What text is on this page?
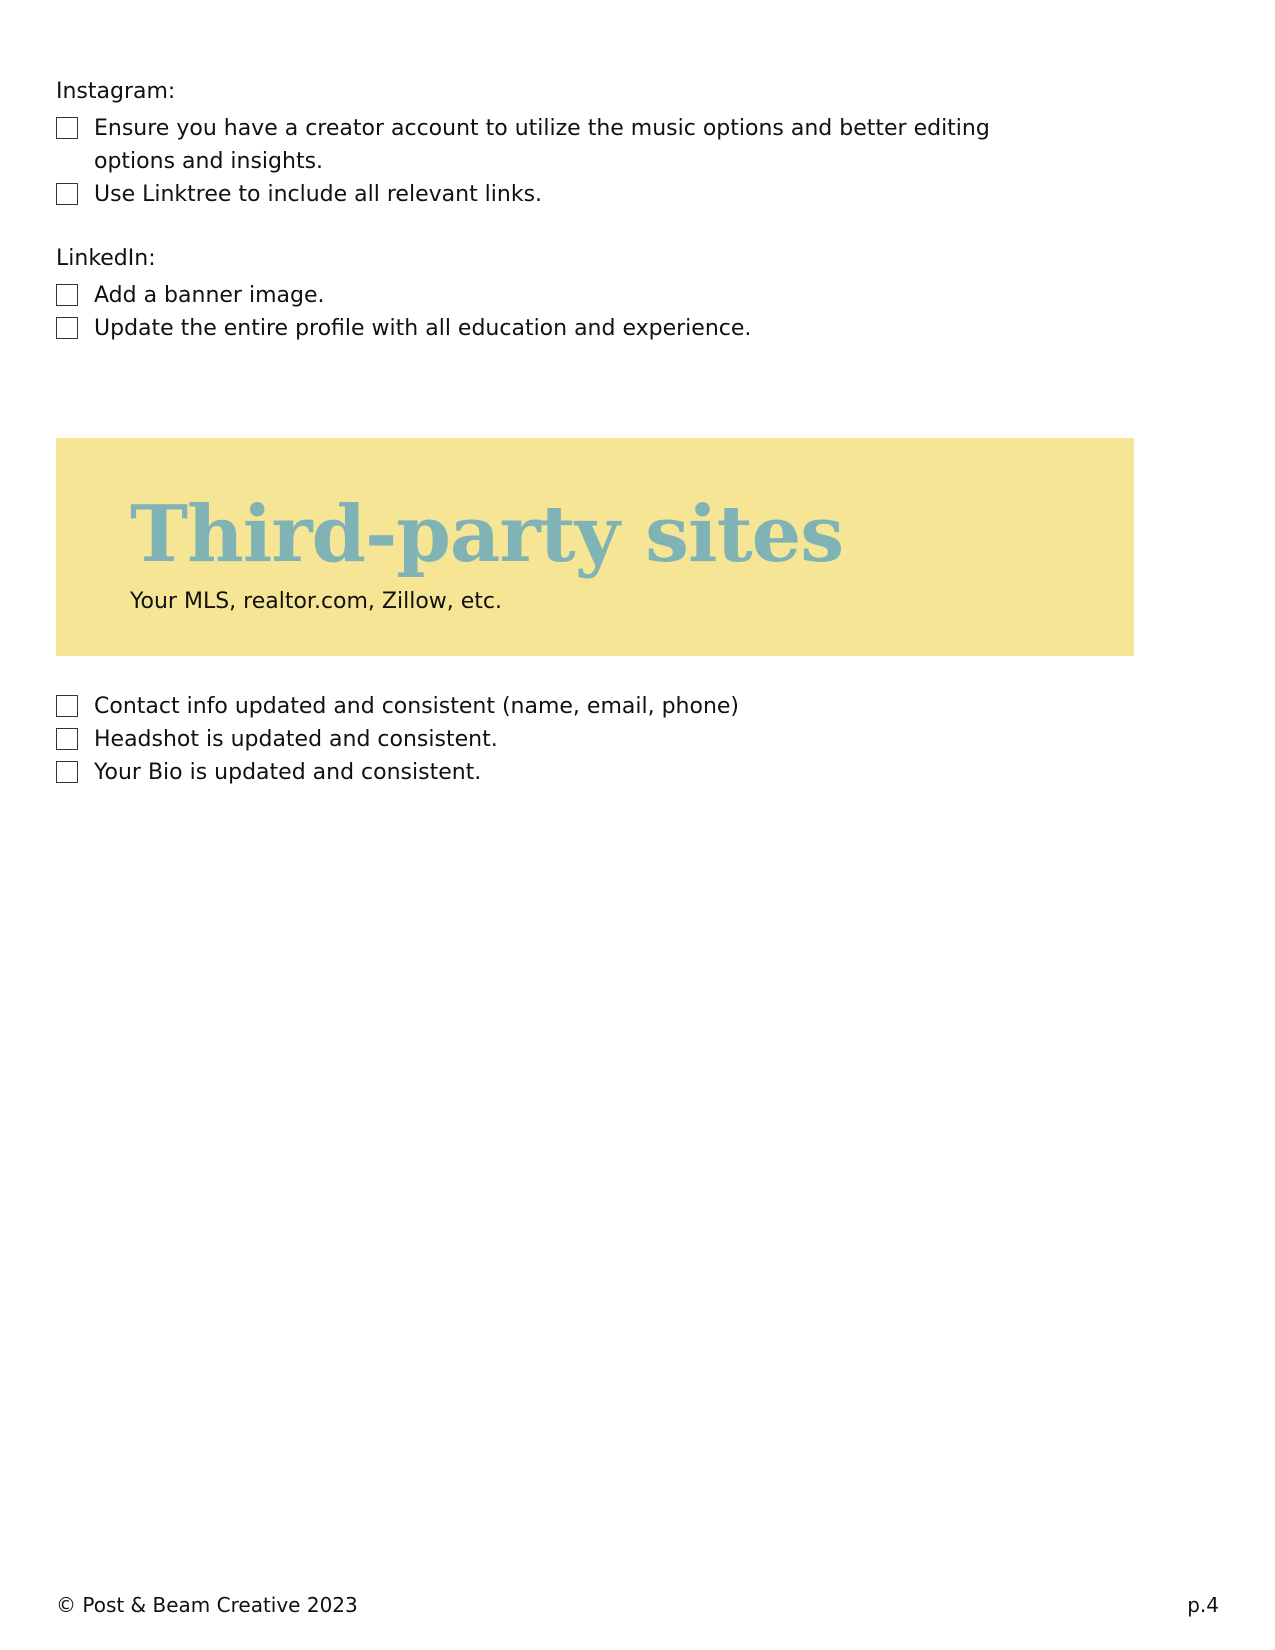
Instagram:
Ensure you have a creator account to utilize the music options and better editing options and insights.
Use Linktree to include all relevant links.
LinkedIn:
Add a banner image.
Update the entire profile with all education and experience.
Third-party sites
Your MLS, realtor.com, Zillow, etc.
Contact info updated and consistent (name, email, phone)
Headshot is updated and consistent.
Your Bio is updated and consistent.
© Post & Beam Creative 2023	p.4
